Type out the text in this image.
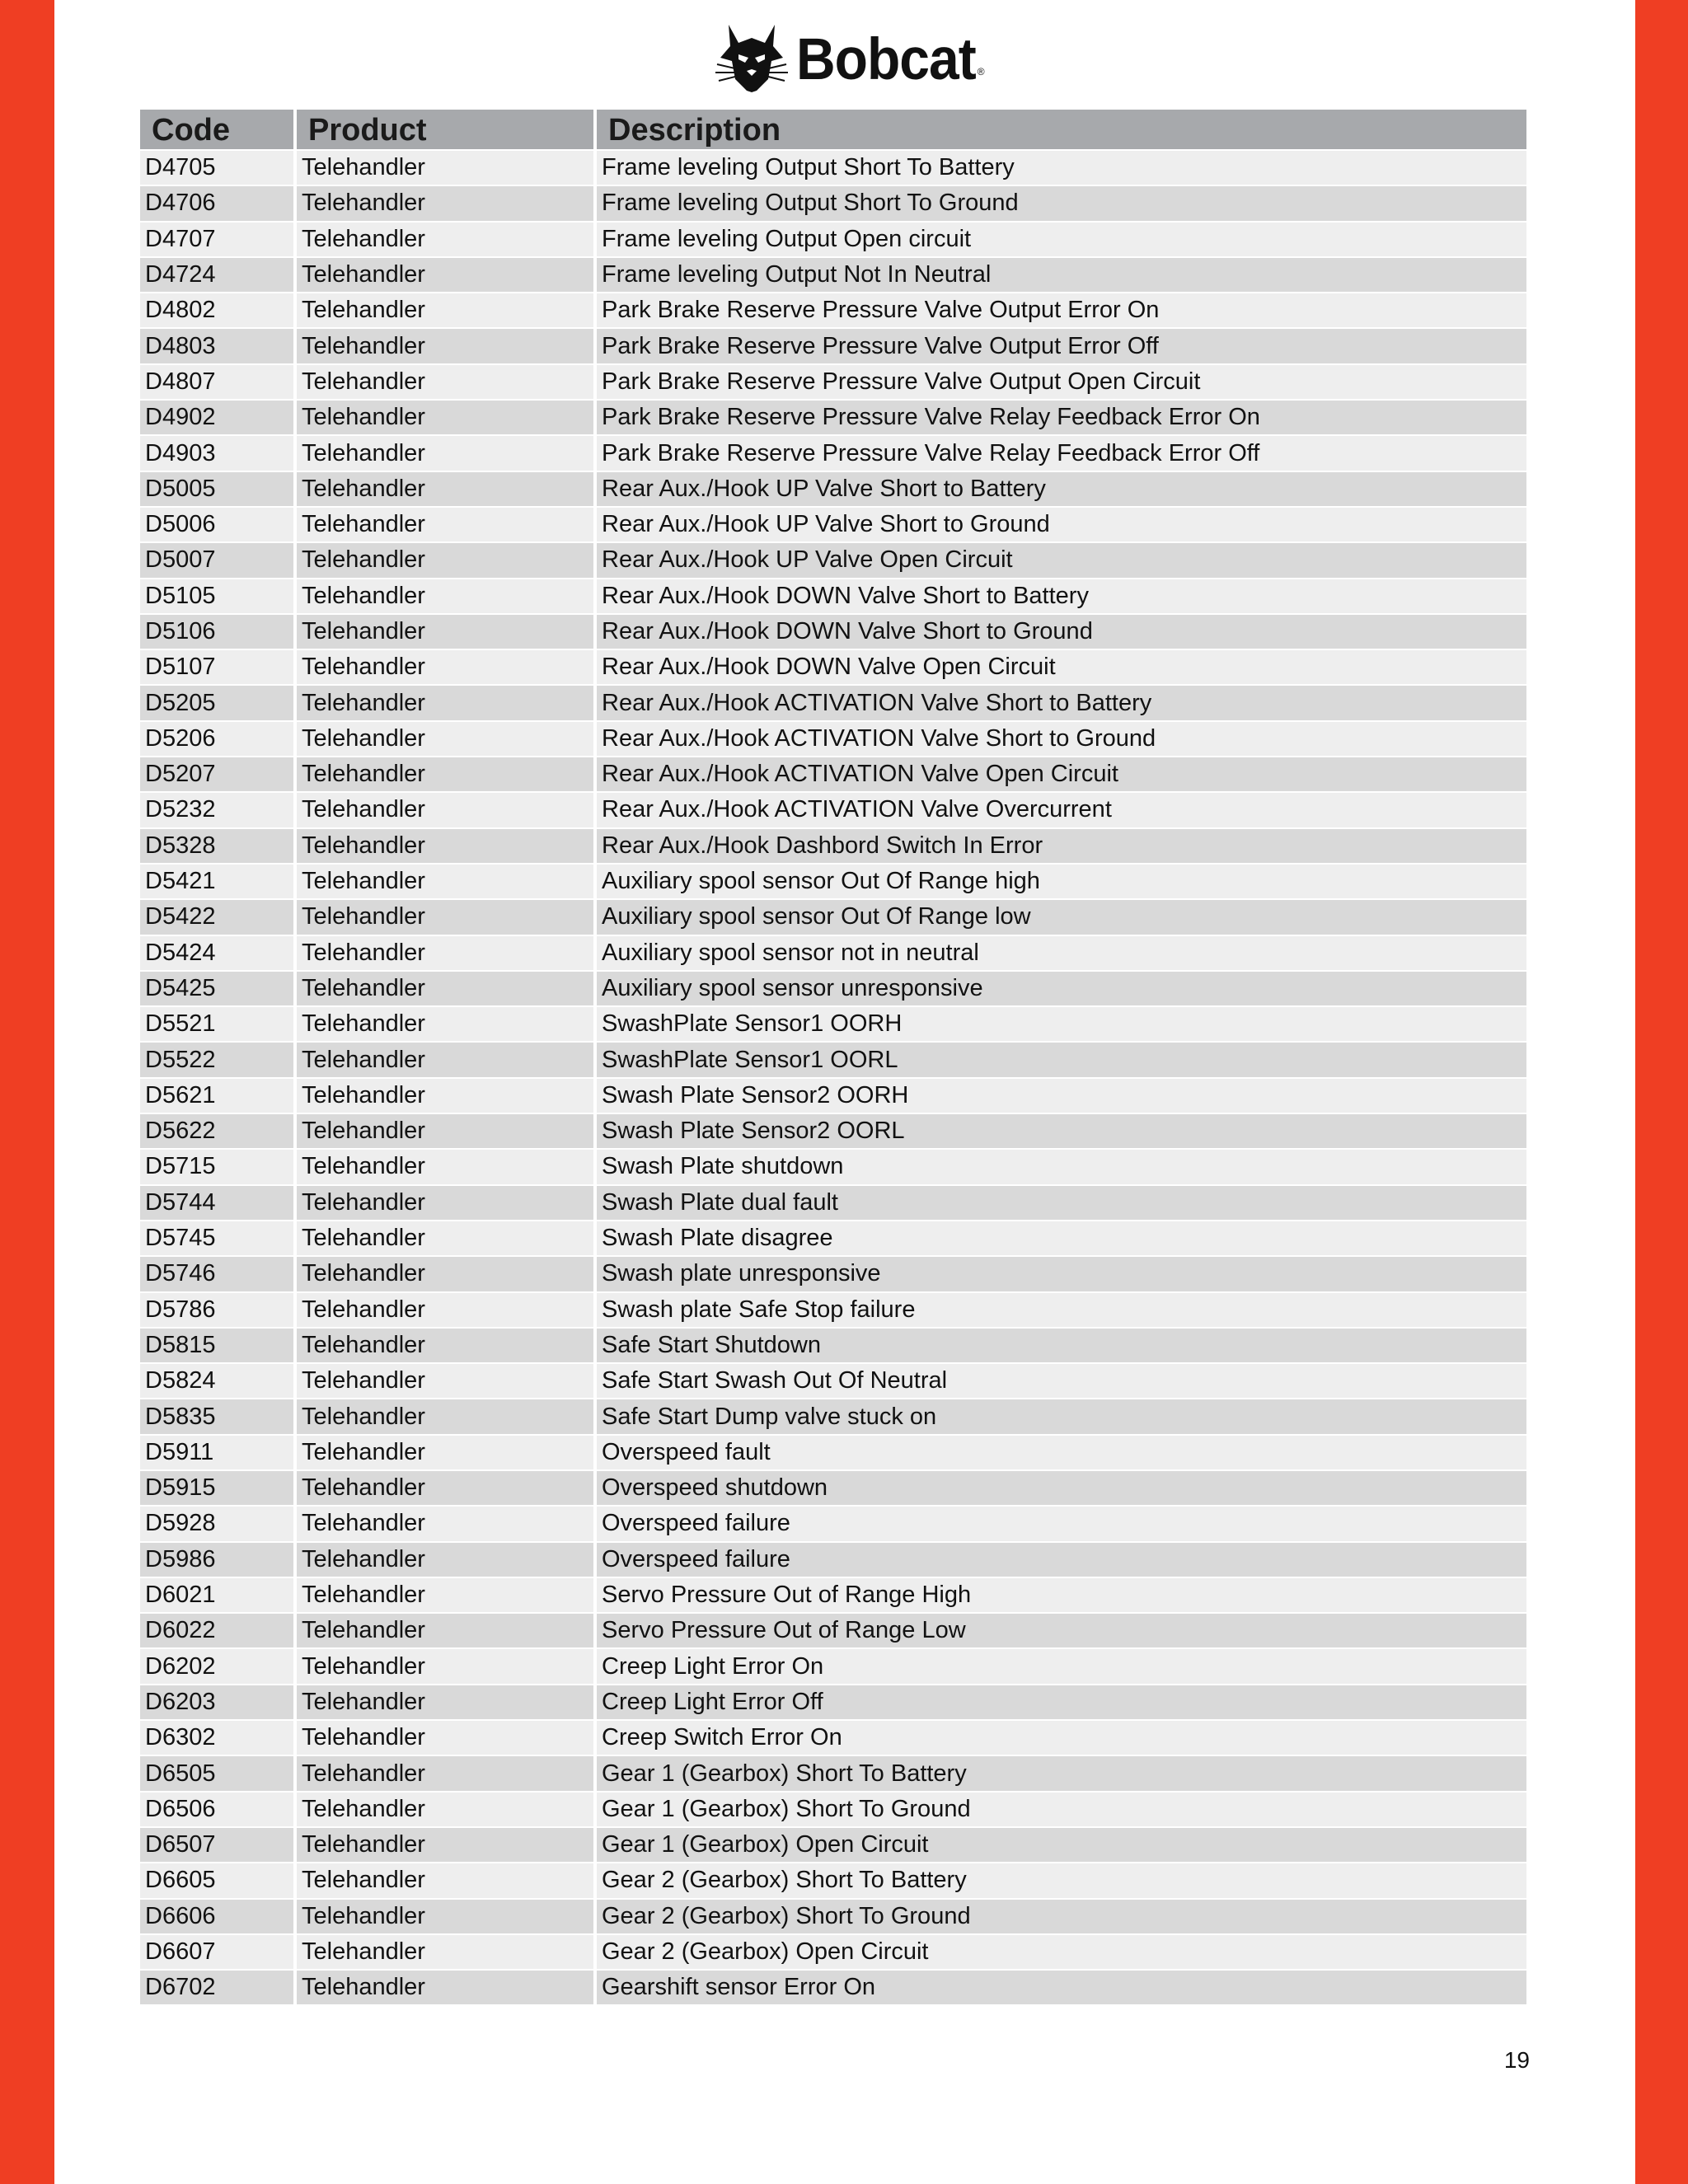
Bobcat ®
Code	Product	Description
D4705	Telehandler	Frame leveling Output Short To Battery
D4706	Telehandler	Frame leveling Output Short To Ground
D4707	Telehandler	Frame leveling Output Open circuit
D4724	Telehandler	Frame leveling Output Not In Neutral
D4802	Telehandler	Park Brake Reserve Pressure Valve Output Error On
D4803	Telehandler	Park Brake Reserve Pressure Valve Output Error Off
D4807	Telehandler	Park Brake Reserve Pressure Valve Output Open Circuit
D4902	Telehandler	Park Brake Reserve Pressure Valve Relay Feedback Error On
D4903	Telehandler	Park Brake Reserve Pressure Valve Relay Feedback Error Off
D5005	Telehandler	Rear Aux./Hook UP Valve Short to Battery
D5006	Telehandler	Rear Aux./Hook UP Valve Short to Ground
D5007	Telehandler	Rear Aux./Hook UP Valve Open Circuit
D5105	Telehandler	Rear Aux./Hook DOWN Valve Short to Battery
D5106	Telehandler	Rear Aux./Hook DOWN Valve Short to Ground
D5107	Telehandler	Rear Aux./Hook DOWN Valve Open Circuit
D5205	Telehandler	Rear Aux./Hook ACTIVATION Valve Short to Battery
D5206	Telehandler	Rear Aux./Hook ACTIVATION Valve Short to Ground
D5207	Telehandler	Rear Aux./Hook ACTIVATION Valve Open Circuit
D5232	Telehandler	Rear Aux./Hook ACTIVATION Valve Overcurrent
D5328	Telehandler	Rear Aux./Hook Dashbord Switch In Error
D5421	Telehandler	Auxiliary spool sensor Out Of Range high
D5422	Telehandler	Auxiliary spool sensor Out Of Range low
D5424	Telehandler	Auxiliary spool sensor not in neutral
D5425	Telehandler	Auxiliary spool sensor unresponsive
D5521	Telehandler	SwashPlate Sensor1 OORH
D5522	Telehandler	SwashPlate Sensor1 OORL
D5621	Telehandler	Swash Plate Sensor2 OORH
D5622	Telehandler	Swash Plate Sensor2 OORL
D5715	Telehandler	Swash Plate shutdown
D5744	Telehandler	Swash Plate dual fault
D5745	Telehandler	Swash Plate disagree
D5746	Telehandler	Swash plate unresponsive
D5786	Telehandler	Swash plate Safe Stop failure
D5815	Telehandler	Safe Start Shutdown
D5824	Telehandler	Safe Start Swash Out Of Neutral
D5835	Telehandler	Safe Start Dump valve stuck on
D5911	Telehandler	Overspeed fault
D5915	Telehandler	Overspeed shutdown
D5928	Telehandler	Overspeed failure
D5986	Telehandler	Overspeed failure
D6021	Telehandler	Servo Pressure Out of Range High
D6022	Telehandler	Servo Pressure Out of Range Low
D6202	Telehandler	Creep Light Error On
D6203	Telehandler	Creep Light Error Off
D6302	Telehandler	Creep Switch Error On
D6505	Telehandler	Gear 1 (Gearbox) Short To Battery
D6506	Telehandler	Gear 1 (Gearbox) Short To Ground
D6507	Telehandler	Gear 1 (Gearbox) Open Circuit
D6605	Telehandler	Gear 2 (Gearbox) Short To Battery
D6606	Telehandler	Gear 2 (Gearbox) Short To Ground
D6607	Telehandler	Gear 2 (Gearbox) Open Circuit
D6702	Telehandler	Gearshift sensor Error On
19
